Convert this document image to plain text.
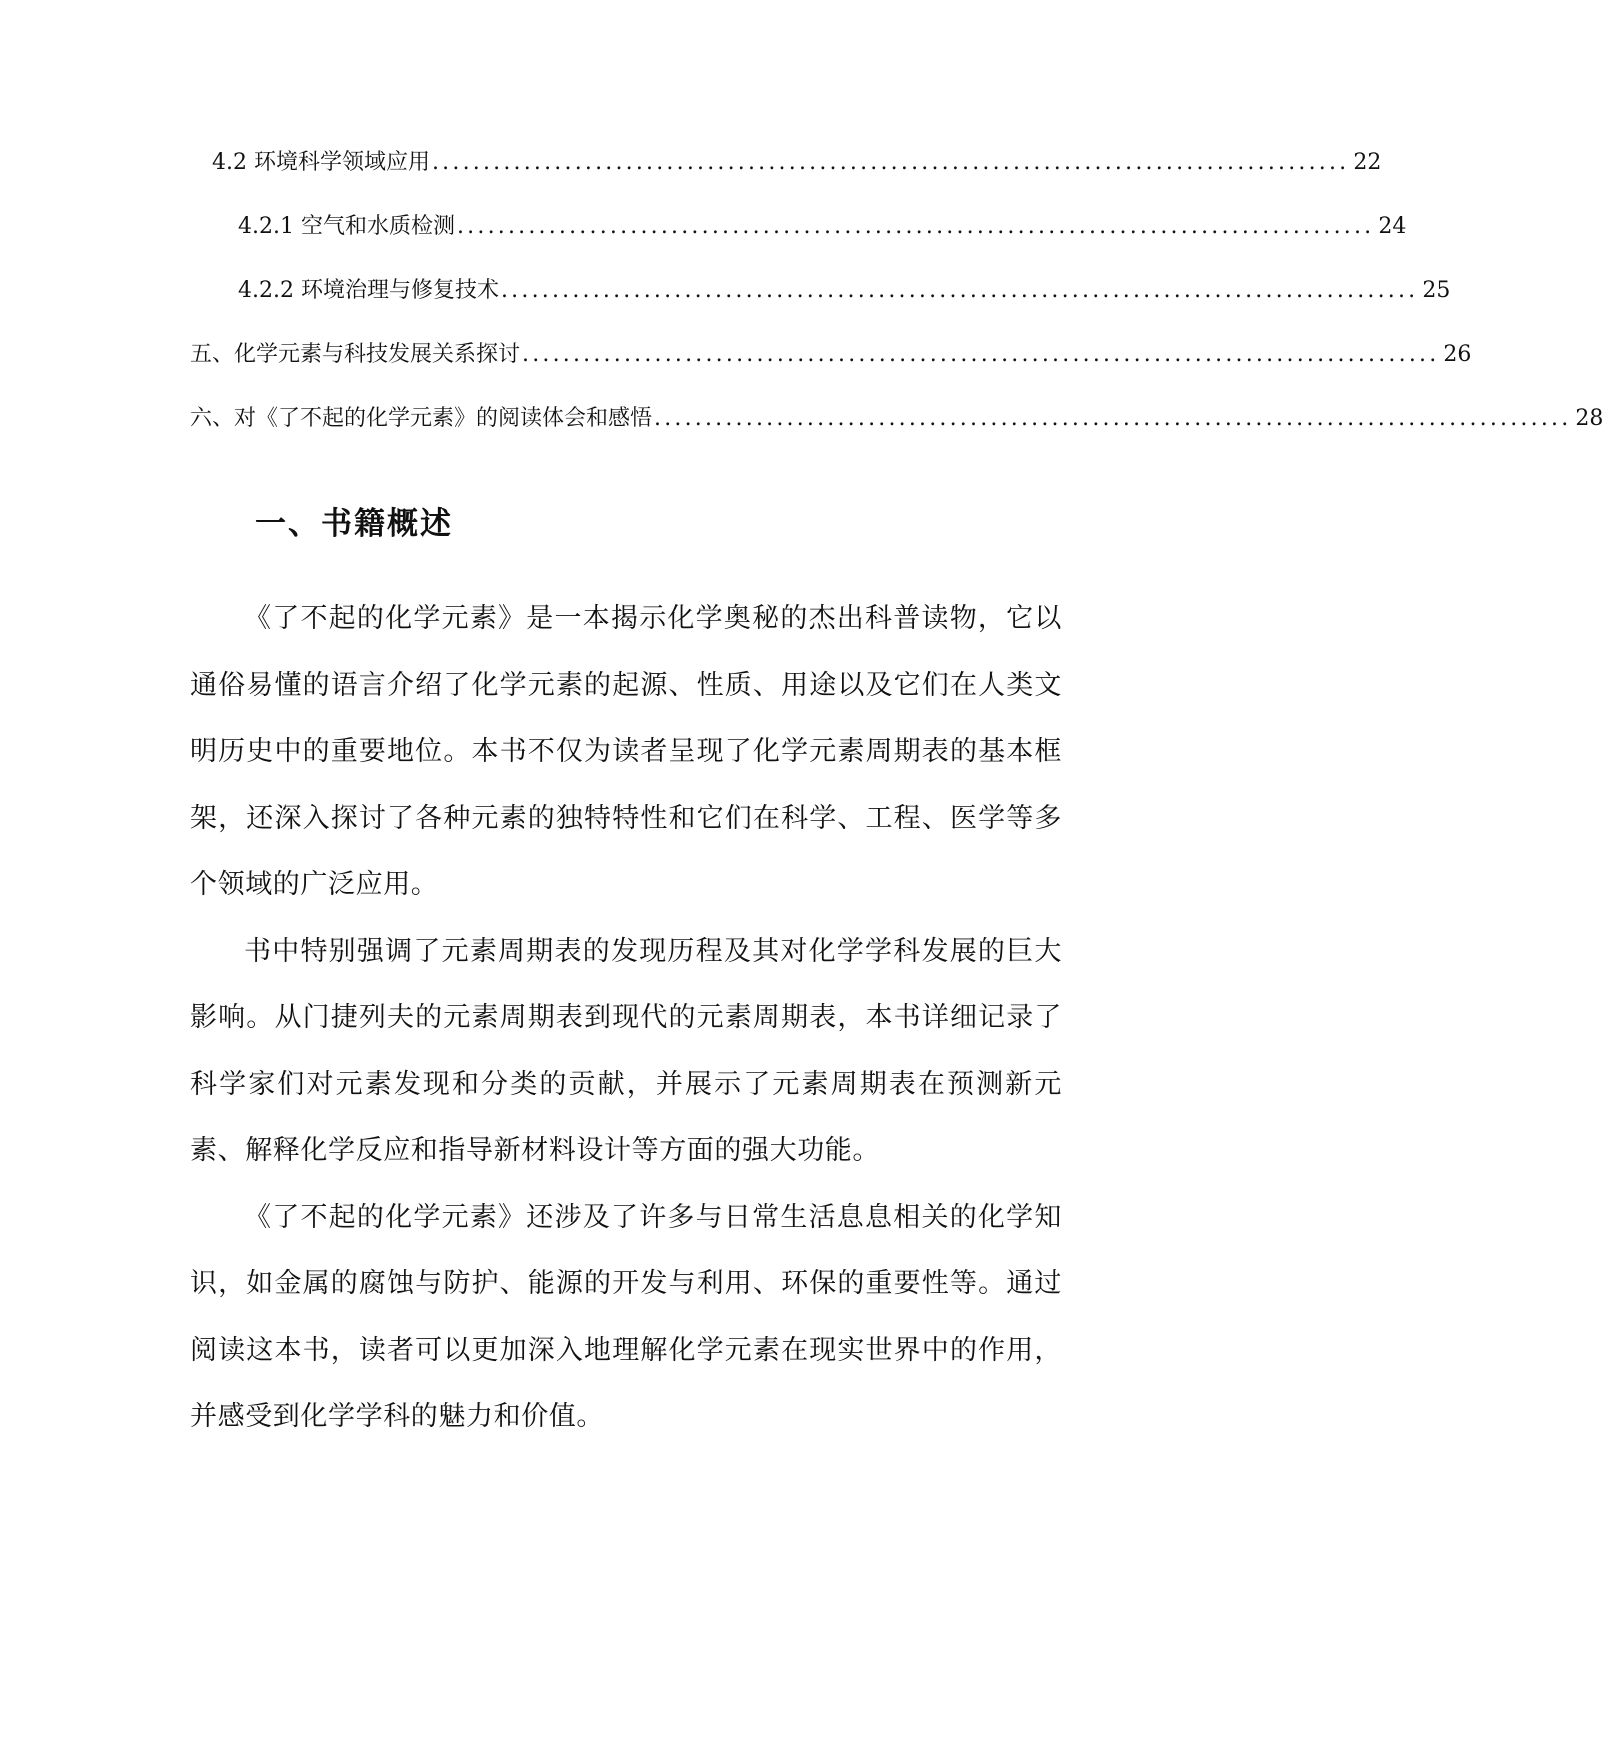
4.2 环境科学领域应用 .......................................................................................... 22
4.2.1 空气和水质检测 .......................................................................................... 24
4.2.2 环境治理与修复技术 .......................................................................................... 25
五、化学元素与科技发展关系探讨 .......................................................................................... 26
六、对《了不起的化学元素》的阅读体会和感悟 .......................................................................................... 28
一、书籍概述

《了不起的化学元素》是一本揭示化学奥秘的杰出科普读物，它以通俗易懂的语言介绍了化学元素的起源、性质、用途以及它们在人类文明历史中的重要地位。本书不仅为读者呈现了化学元素周期表的基本框架，还深入探讨了各种元素的独特特性和它们在科学、工程、医学等多个领域的广泛应用。

书中特别强调了元素周期表的发现历程及其对化学学科发展的巨大影响。从门捷列夫的元素周期表到现代的元素周期表，本书详细记录了科学家们对元素发现和分类的贡献，并展示了元素周期表在预测新元素、解释化学反应和指导新材料设计等方面的强大功能。

《了不起的化学元素》还涉及了许多与日常生活息息相关的化学知识，如金属的腐蚀与防护、能源的开发与利用、环保的重要性等。通过阅读这本书，读者可以更加深入地理解化学元素在现实世界中的作用，并感受到化学学科的魅力和价值。
